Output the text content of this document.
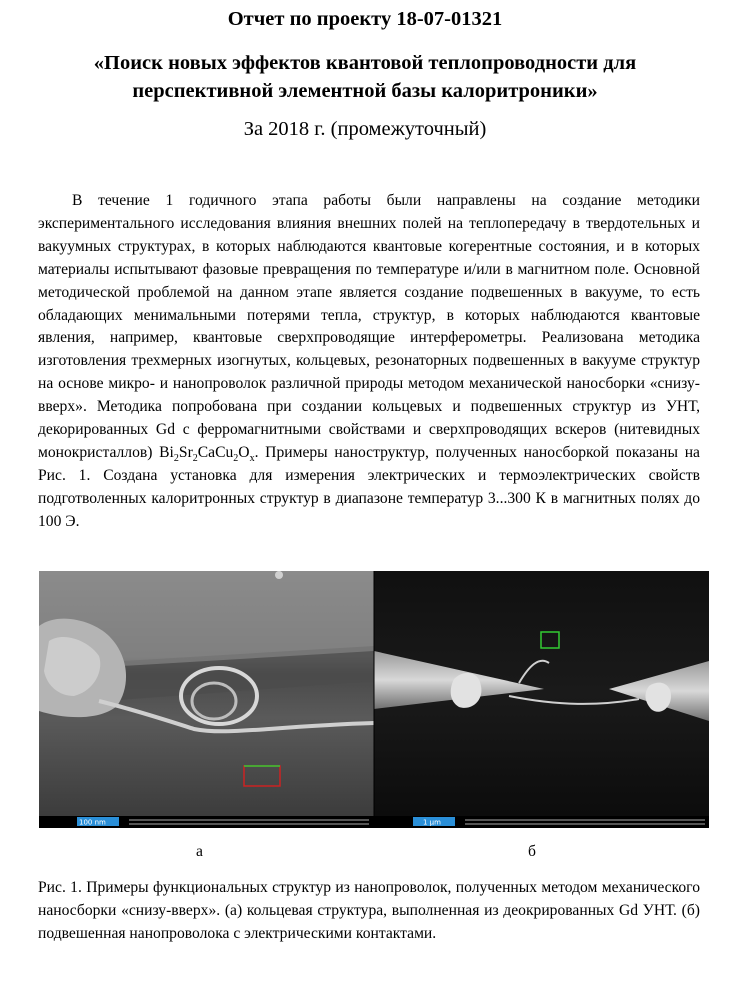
Отчет по проекту 18-07-01321
«Поиск новых эффектов квантовой теплопроводности для перспективной элементной базы калоритроники»
За 2018 г. (промежуточный)

В течение 1 годичного этапа работы были направлены на создание методики экспериментального исследования влияния внешних полей на теплопередачу в твердотельных и вакуумных структурах, в которых наблюдаются квантовые когерентные состояния, и в которых материалы испытывают фазовые превращения по температуре и/или в магнитном поле. Основной методической проблемой на данном этапе является создание подвешенных в вакууме, то есть обладающих менимальными потерями тепла, структур, в которых наблюдаются квантовые явления, например, квантовые сверхпроводящие интерферометры. Реализована методика изготовления трехмерных изогнутых, кольцевых, резонаторных подвешенных в вакууме структур на основе микро- и нанопроволок различной природы методом механической наносборки «снизу-вверх». Методика попробована при создании кольцевых и подвешенных структур из УНТ, декорированных Gd с ферромагнитными свойствами и сверхпроводящих вскеров (нитевидных монокристаллов) $Bi_2Sr_2CaCu_2O_x$. Примеры наноструктур, полученных наносборкой показаны на Рис. 1. Создана установка для измерения электрических и термоэлектрических свойств подготволенных калоритронных структур в диапазоне температур 3...300 К в магнитных полях до 100 Э.

100 nm	1 μm
а	б

Рис. 1. Примеры функциональных структур из нанопроволок, полученных методом механического наносборки «снизу-вверх». (а) кольцевая структура, выполненная из деокрированных Gd УНТ. (б) подвешенная нанопроволока с электрическими контактами.
